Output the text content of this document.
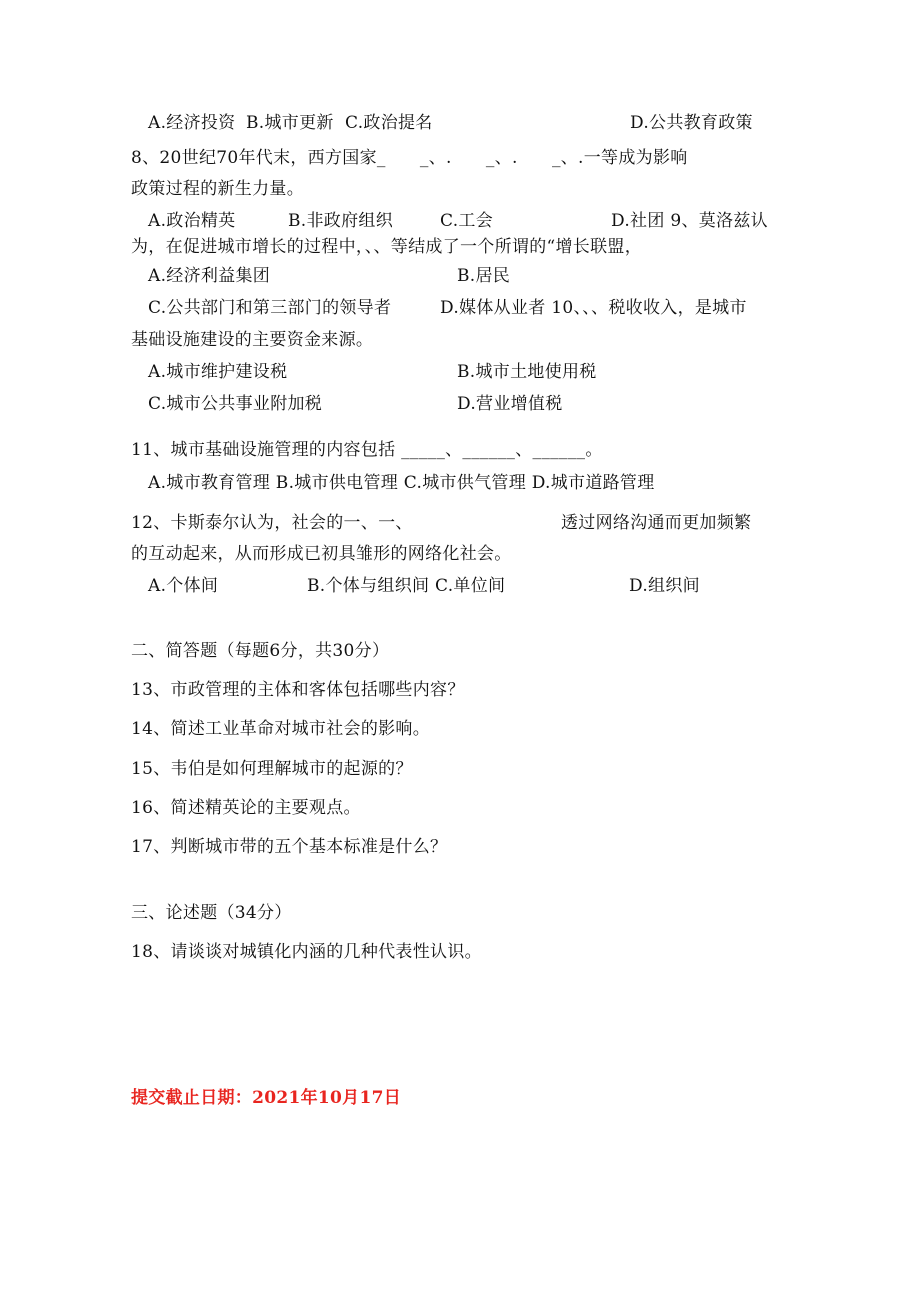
A.经济投资 B.城市更新 C.政治提名	D.公共教育政策
8、20世纪70年代末，西方国家_      _、.      _、.      _、.一等成为影响
政策过程的新生力量。
A.政治精英	B.非政府组织	C.工会	D.社团 9、莫洛兹认
为，在促进城市增长的过程中，、、等结成了一个所谓的“增长联盟，
A.经济利益集团	B.居民
C.公共部门和第三部门的领导者	D.媒体从业者 10、、、税收收入，是城市
基础设施建设的主要资金来源。
A.城市维护建设税	B.城市土地使用税
C.城市公共事业附加税	D.营业增值税
11、城市基础设施管理的内容包括 _____、______、______。
A.城市教育管理 B.城市供电管理 C.城市供气管理 D.城市道路管理
12、卡斯泰尔认为，社会的一、一、	透过网络沟通而更加频繁
的互动起来，从而形成已初具雏形的网络化社会。
A.个体间	B.个体与组织间 C.单位间	D.组织间
二、简答题（每题6分，共30分）
13、市政管理的主体和客体包括哪些内容？
14、简述工业革命对城市社会的影响。
15、韦伯是如何理解城市的起源的？
16、简述精英论的主要观点。
17、判断城市带的五个基本标准是什么？
三、论述题（34分）
18、请谈谈对城镇化内涵的几种代表性认识。
提交截止日期：2021年10月17日
